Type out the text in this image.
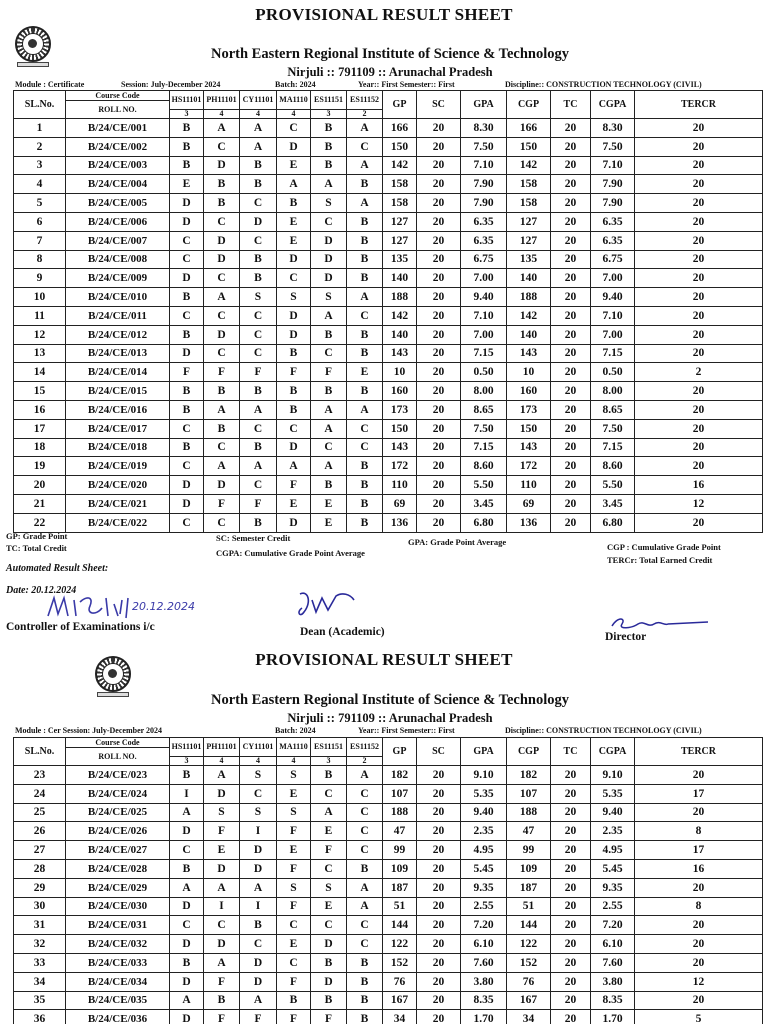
PROVISIONAL RESULT SHEET
North Eastern Regional Institute of Science & Technology
Nirjuli :: 791109 :: Arunachal Pradesh
Module : Certificate	Session: July-December 2024	Batch: 2024	Year:: First Semester:: First	Discipline:: CONSTRUCTION TECHNOLOGY (CIVIL)
SL.No.	Course Code	HS11101	PH11101	CY11101	MA1110	ES11151	ES11152	GP	SC	GPA	CGP	TC	CGPA	TERCR
	ROLL NO.													
		3	4	4	4	3	2							
1	B/24/CE/001	B	A	A	C	B	A	166	20	8.30	166	20	8.30	20
2	B/24/CE/002	B	C	A	D	B	C	150	20	7.50	150	20	7.50	20
3	B/24/CE/003	B	D	B	E	B	A	142	20	7.10	142	20	7.10	20
4	B/24/CE/004	E	B	B	A	A	B	158	20	7.90	158	20	7.90	20
5	B/24/CE/005	D	B	C	B	S	A	158	20	7.90	158	20	7.90	20
6	B/24/CE/006	D	C	D	E	C	B	127	20	6.35	127	20	6.35	20
7	B/24/CE/007	C	D	C	E	D	B	127	20	6.35	127	20	6.35	20
8	B/24/CE/008	C	D	B	D	D	B	135	20	6.75	135	20	6.75	20
9	B/24/CE/009	D	C	B	C	D	B	140	20	7.00	140	20	7.00	20
10	B/24/CE/010	B	A	S	S	S	A	188	20	9.40	188	20	9.40	20
11	B/24/CE/011	C	C	C	D	A	C	142	20	7.10	142	20	7.10	20
12	B/24/CE/012	B	D	C	D	B	B	140	20	7.00	140	20	7.00	20
13	B/24/CE/013	D	C	C	B	C	B	143	20	7.15	143	20	7.15	20
14	B/24/CE/014	F	F	F	F	F	E	10	20	0.50	10	20	0.50	2
15	B/24/CE/015	B	B	B	B	B	B	160	20	8.00	160	20	8.00	20
16	B/24/CE/016	B	A	A	B	A	A	173	20	8.65	173	20	8.65	20
17	B/24/CE/017	C	B	C	C	A	C	150	20	7.50	150	20	7.50	20
18	B/24/CE/018	B	C	B	D	C	C	143	20	7.15	143	20	7.15	20
19	B/24/CE/019	C	A	A	A	A	B	172	20	8.60	172	20	8.60	20
20	B/24/CE/020	D	D	C	F	B	B	110	20	5.50	110	20	5.50	16
21	B/24/CE/021	D	F	F	E	E	B	69	20	3.45	69	20	3.45	12
22	B/24/CE/022	C	C	B	D	E	B	136	20	6.80	136	20	6.80	20
GP: Grade Point
TC: Total Credit
SC: Semester Credit
CGPA: Cumulative Grade Point Average
GPA: Grade Point Average	CGP : Cumulative Grade Point
TERCr: Total Earned Credit
Automated Result Sheet:
Date: 20.12.2024
20.12.2024
Controller of Examinations i/c	Dean (Academic)	Director
PROVISIONAL RESULT SHEET
North Eastern Regional Institute of Science & Technology
Nirjuli :: 791109 :: Arunachal Pradesh
Module : Cer Session: July-December 2024	Batch: 2024	Year:: First Semester:: First	Discipline:: CONSTRUCTION TECHNOLOGY (CIVIL)
SL.No.	Course Code	HS11101	PH11101	CY11101	MA1110	ES11151	ES11152	GP	SC	GPA	CGP	TC	CGPA	TERCR
	ROLL NO.													
		3	4	4	4	3	2							
23	B/24/CE/023	B	A	S	S	B	A	182	20	9.10	182	20	9.10	20
24	B/24/CE/024	I	D	C	E	C	C	107	20	5.35	107	20	5.35	17
25	B/24/CE/025	A	S	S	S	A	C	188	20	9.40	188	20	9.40	20
26	B/24/CE/026	D	F	I	F	E	C	47	20	2.35	47	20	2.35	8
27	B/24/CE/027	C	E	D	E	F	C	99	20	4.95	99	20	4.95	17
28	B/24/CE/028	B	D	D	F	C	B	109	20	5.45	109	20	5.45	16
29	B/24/CE/029	A	A	A	S	S	A	187	20	9.35	187	20	9.35	20
30	B/24/CE/030	D	I	I	F	E	A	51	20	2.55	51	20	2.55	8
31	B/24/CE/031	C	C	B	C	C	C	144	20	7.20	144	20	7.20	20
32	B/24/CE/032	D	D	C	E	D	C	122	20	6.10	122	20	6.10	20
33	B/24/CE/033	B	A	D	C	B	B	152	20	7.60	152	20	7.60	20
34	B/24/CE/034	D	F	D	F	D	B	76	20	3.80	76	20	3.80	12
35	B/24/CE/035	A	B	A	B	B	B	167	20	8.35	167	20	8.35	20
36	B/24/CE/036	D	F	F	F	F	B	34	20	1.70	34	20	1.70	5
